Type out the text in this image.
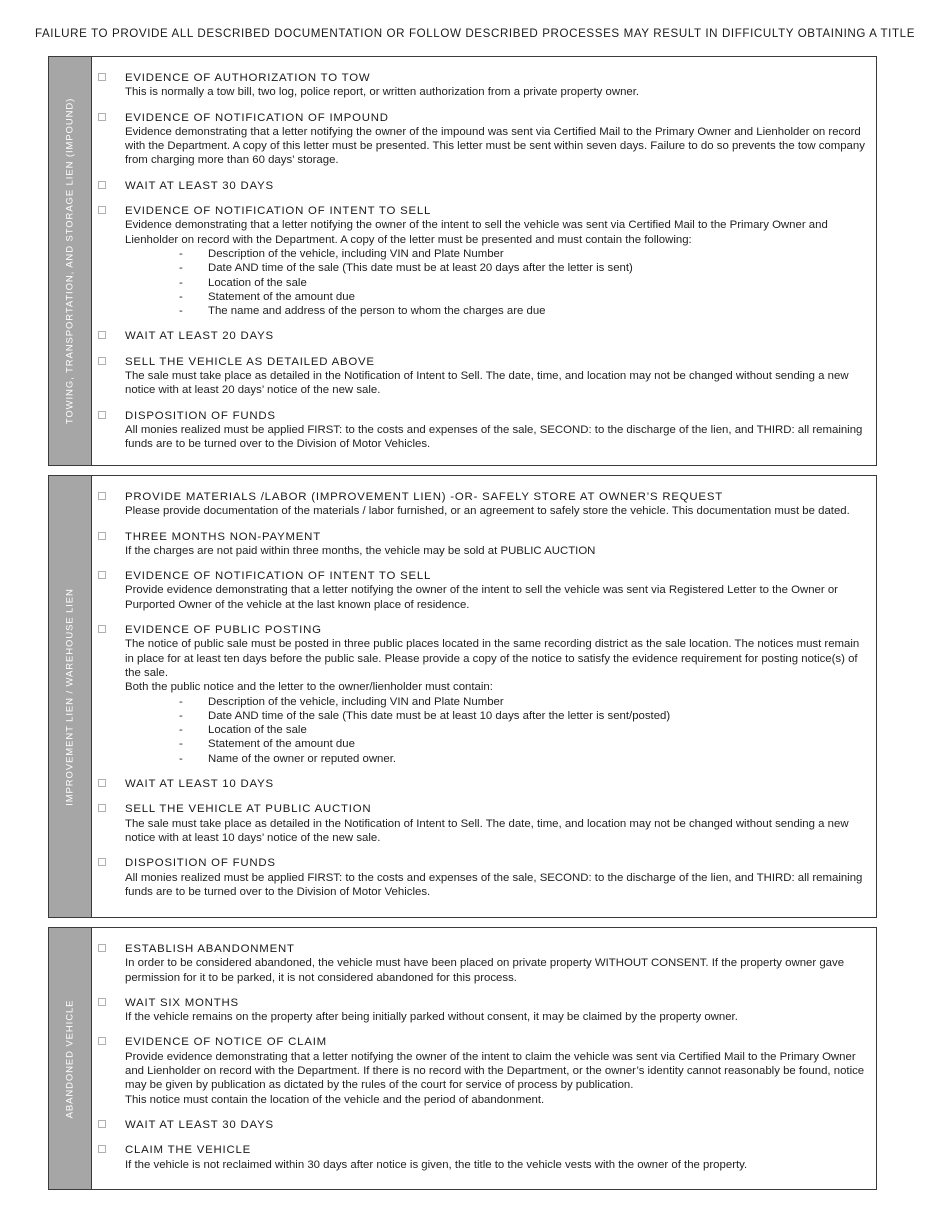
FAILURE TO PROVIDE ALL DESCRIBED DOCUMENTATION OR FOLLOW DESCRIBED PROCESSES MAY RESULT IN DIFFICULTY OBTAINING A TITLE
TOWING, TRANSPORTATION, AND STORAGE LIEN (IMPOUND)
EVIDENCE OF AUTHORIZATION TO TOW
This is normally a tow bill, two log, police report, or written authorization from a private property owner.
EVIDENCE OF NOTIFICATION OF IMPOUND
Evidence demonstrating that a letter notifying the owner of the impound was sent via Certified Mail to the Primary Owner and Lienholder on record with the Department. A copy of this letter must be presented. This letter must be sent within seven days. Failure to do so prevents the tow company from charging more than 60 days’ storage.
WAIT AT LEAST 30 DAYS
EVIDENCE OF NOTIFICATION OF INTENT TO SELL
Evidence demonstrating that a letter notifying the owner of the intent to sell the vehicle was sent via Certified Mail to the Primary Owner and Lienholder on record with the Department. A copy of the letter must be presented and must contain the following:
- Description of the vehicle, including VIN and Plate Number
- Date AND time of the sale (This date must be at least 20 days after the letter is sent)
- Location of the sale
- Statement of the amount due
- The name and address of the person to whom the charges are due
WAIT AT LEAST 20 DAYS
SELL THE VEHICLE AS DETAILED ABOVE
The sale must take place as detailed in the Notification of Intent to Sell. The date, time, and location may not be changed without sending a new notice with at least 20 days’ notice of the new sale.
DISPOSITION OF FUNDS
All monies realized must be applied FIRST: to the costs and expenses of the sale, SECOND: to the discharge of the lien, and THIRD: all remaining funds are to be turned over to the Division of Motor Vehicles.
IMPROVEMENT LIEN / WAREHOUSE LIEN
PROVIDE MATERIALS /LABOR (IMPROVEMENT LIEN) -OR- SAFELY STORE AT OWNER’S REQUEST
Please provide documentation of the materials / labor furnished, or an agreement to safely store the vehicle. This documentation must be dated.
THREE MONTHS NON-PAYMENT
If the charges are not paid within three months, the vehicle may be sold at PUBLIC AUCTION
EVIDENCE OF NOTIFICATION OF INTENT TO SELL
Provide evidence demonstrating that a letter notifying the owner of the intent to sell the vehicle was sent via Registered Letter to the Owner or Purported Owner of the vehicle at the last known place of residence.
EVIDENCE OF PUBLIC POSTING
The notice of public sale must be posted in three public places located in the same recording district as the sale location. The notices must remain in place for at least ten days before the public sale. Please provide a copy of the notice to satisfy the evidence requirement for posting notice(s) of the sale.
Both the public notice and the letter to the owner/lienholder must contain:
- Description of the vehicle, including VIN and Plate Number
- Date AND time of the sale (This date must be at least 10 days after the letter is sent/posted)
- Location of the sale
- Statement of the amount due
- Name of the owner or reputed owner.
WAIT AT LEAST 10 DAYS
SELL THE VEHICLE AT PUBLIC AUCTION
The sale must take place as detailed in the Notification of Intent to Sell. The date, time, and location may not be changed without sending a new notice with at least 10 days’ notice of the new sale.
DISPOSITION OF FUNDS
All monies realized must be applied FIRST: to the costs and expenses of the sale, SECOND: to the discharge of the lien, and THIRD: all remaining funds are to be turned over to the Division of Motor Vehicles.
ABANDONED VEHICLE
ESTABLISH ABANDONMENT
In order to be considered abandoned, the vehicle must have been placed on private property WITHOUT CONSENT. If the property owner gave permission for it to be parked, it is not considered abandoned for this process.
WAIT SIX MONTHS
If the vehicle remains on the property after being initially parked without consent, it may be claimed by the property owner.
EVIDENCE OF NOTICE OF CLAIM
Provide evidence demonstrating that a letter notifying the owner of the intent to claim the vehicle was sent via Certified Mail to the Primary Owner and Lienholder on record with the Department. If there is no record with the Department, or the owner’s identity cannot reasonably be found, notice may be given by publication as dictated by the rules of the court for service of process by publication.
This notice must contain the location of the vehicle and the period of abandonment.
WAIT AT LEAST 30 DAYS
CLAIM THE VEHICLE
If the vehicle is not reclaimed within 30 days after notice is given, the title to the vehicle vests with the owner of the property.
